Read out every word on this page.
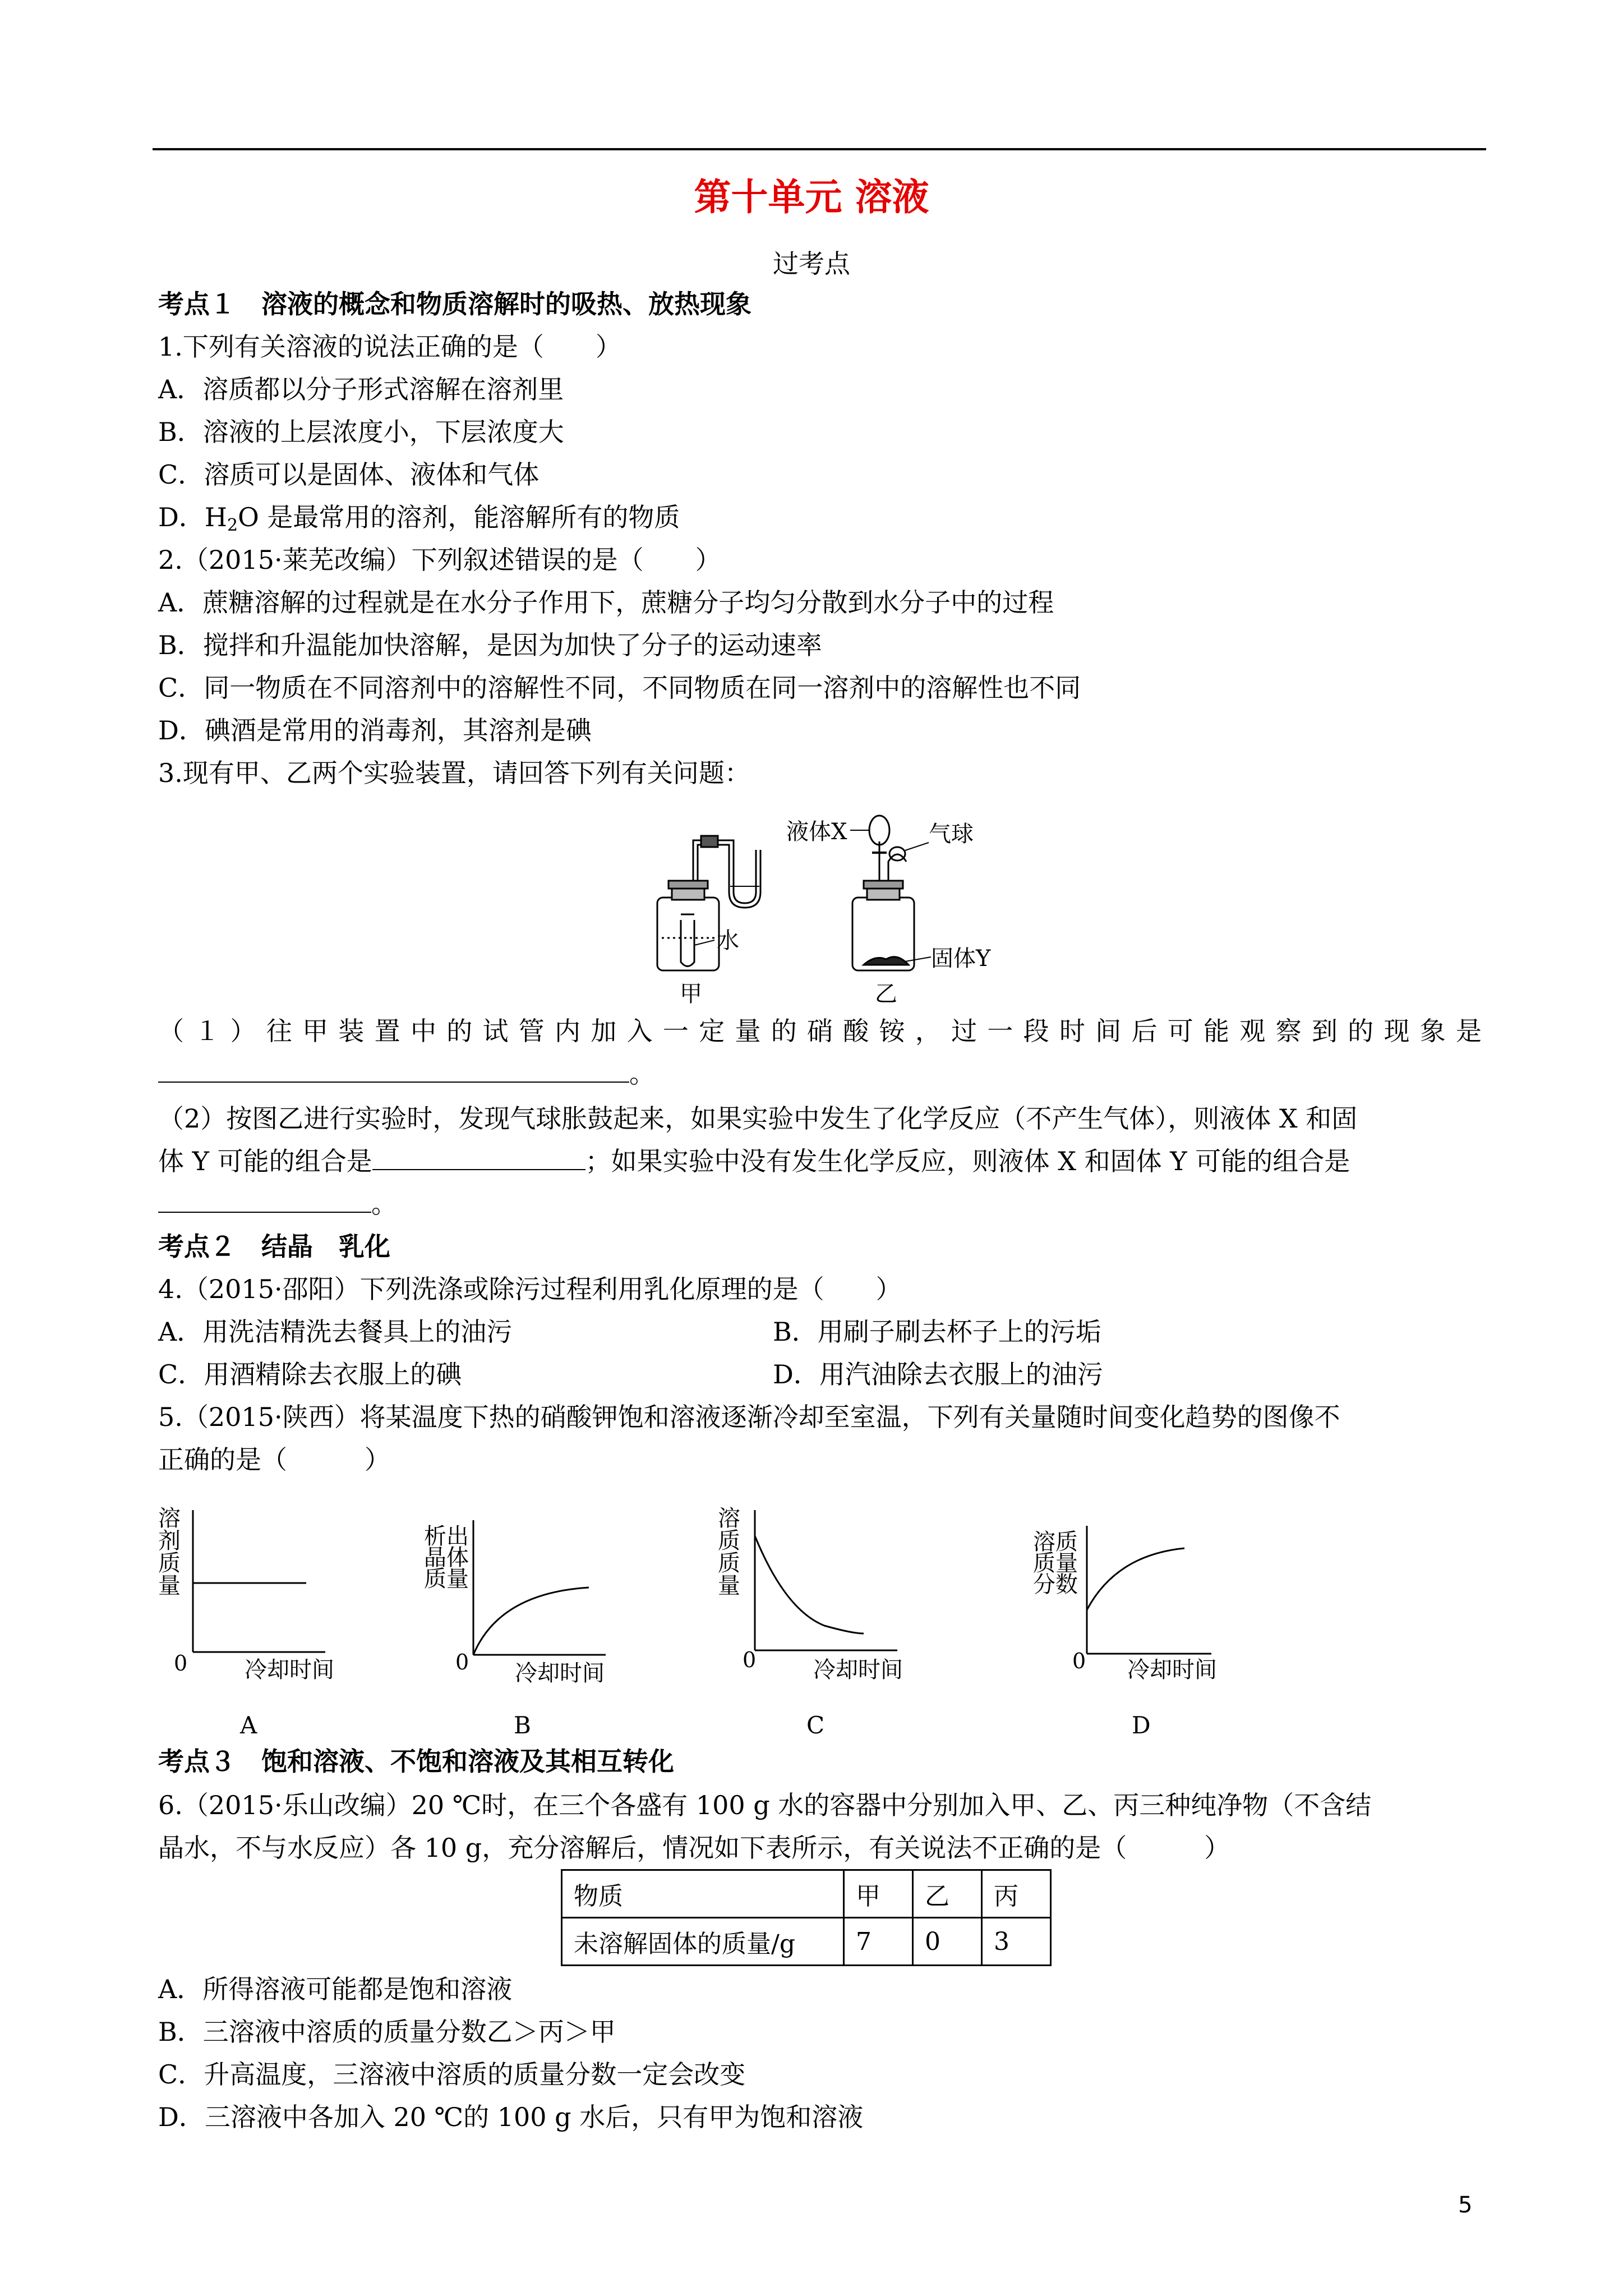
第十单元 溶液
过考点
考点１　溶液的概念和物质溶解时的吸热、放热现象
1.下列有关溶液的说法正确的是（　　）
A．溶质都以分子形式溶解在溶剂里
B．溶液的上层浓度小，下层浓度大
C．溶质可以是固体、液体和气体
D．$H_2O$ 是最常用的溶剂，能溶解所有的物质
2.（2015·莱芜改编）下列叙述错误的是（　　）
A．蔗糖溶解的过程就是在水分子作用下，蔗糖分子均匀分散到水分子中的过程
B．搅拌和升温能加快溶解，是因为加快了分子的运动速率
C．同一物质在不同溶剂中的溶解性不同，不同物质在同一溶剂中的溶解性也不同
D．碘酒是常用的消毒剂，其溶剂是碘
3.现有甲、乙两个实验装置，请回答下列有关问题：
水
甲
液体X	气球
固体Y
乙
（１）往甲装置中的试管内加入一定量的硝酸铵，过一段时间后可能观察到的现象是
。
（2）按图乙进行实验时，发现气球胀鼓起来，如果实验中发生了化学反应（不产生气体），则液体 X 和固
体 Y 可能的组合是	；如果实验中没有发生化学反应，则液体 X 和固体 Y 可能的组合是
。
考点２　结晶　乳化
4.（2015·邵阳）下列洗涤或除污过程利用乳化原理的是（　　）
A．用洗洁精洗去餐具上的油污	B．用刷子刷去杯子上的污垢
C．用酒精除去衣服上的碘	D．用汽油除去衣服上的油污
5.（2015·陕西）将某温度下热的硝酸钾饱和溶液逐渐冷却至室温，下列有关量随时间变化趋势的图像不
正确的是（　　　）
溶
剂
质
量
0	冷却时间
A
析出
晶体
质量
0 冷却时间
B
溶
质
质
量
0	冷却时间
C
溶质
质量
分数
0 冷却时间
D
考点３　饱和溶液、不饱和溶液及其相互转化
6.（2015·乐山改编）20 ℃时，在三个各盛有 100 g 水的容器中分别加入甲、乙、丙三种纯净物（不含结
晶水，不与水反应）各 10 g，充分溶解后，情况如下表所示，有关说法不正确的是（　　　）
物质	甲	乙	丙
未溶解固体的质量/g	7	0	3
A．所得溶液可能都是饱和溶液
B．三溶液中溶质的质量分数乙＞丙＞甲
C．升高温度，三溶液中溶质的质量分数一定会改变
D．三溶液中各加入 20 ℃的 100 g 水后，只有甲为饱和溶液
5
